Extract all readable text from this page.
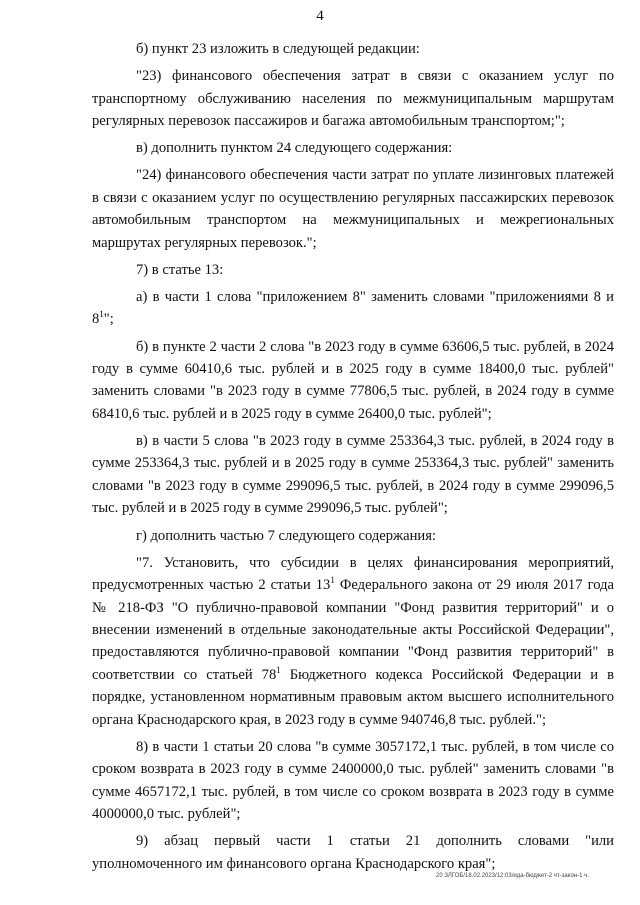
4

б) пункт 23 изложить в следующей редакции:

"23) финансового обеспечения затрат в связи с оказанием услуг по транспортному обслуживанию населения по межмуниципальным маршрутам регулярных перевозок пассажиров и багажа автомобильным транспортом;";

в) дополнить пунктом 24 следующего содержания:

"24) финансового обеспечения части затрат по уплате лизинговых платежей в связи с оказанием услуг по осуществлению регулярных пассажирских перевозок автомобильным транспортом на межмуниципальных и межрегиональных маршрутах регулярных перевозок.";

7) в статье 13:

а) в части 1 слова "приложением 8" заменить словами "приложениями 8 и $8^1$";

б) в пункте 2 части 2 слова "в 2023 году в сумме 63606,5 тыс. рублей, в 2024 году в сумме 60410,6 тыс. рублей и в 2025 году в сумме 18400,0 тыс. рублей" заменить словами "в 2023 году в сумме 77806,5 тыс. рублей, в 2024 году в сумме 68410,6 тыс. рублей и в 2025 году в сумме 26400,0 тыс. рублей";

в) в части 5 слова "в 2023 году в сумме 253364,3 тыс. рублей, в 2024 году в сумме 253364,3 тыс. рублей и в 2025 году в сумме 253364,3 тыс. рублей" заменить словами "в 2023 году в сумме 299096,5 тыс. рублей, в 2024 году в сумме 299096,5 тыс. рублей и в 2025 году в сумме 299096,5 тыс. рублей";

г) дополнить частью 7 следующего содержания:

"7. Установить, что субсидии в целях финансирования мероприятий, предусмотренных частью 2 статьи $13^1$ Федерального закона от 29 июля 2017 года № 218-ФЗ "О публично-правовой компании "Фонд развития территорий" и о внесении изменений в отдельные законодательные акты Российской Федерации", предоставляются публично-правовой компании "Фонд развития территорий" в соответствии со статьей $78^1$ Бюджетного кодекса Российской Федерации и в порядке, установленном нормативным правовым актом высшего исполнительного органа Краснодарского края, в 2023 году в сумме 940746,8 тыс. рублей.";

8) в части 1 статьи 20 слова "в сумме 3057172,1 тыс. рублей, в том числе со сроком возврата в 2023 году в сумме 2400000,0 тыс. рублей" заменить словами "в сумме 4657172,1 тыс. рублей, в том числе со сроком возврата в 2023 году в сумме 4000000,0 тыс. рублей";

9) абзац первый части 1 статьи 21 дополнить словами "или уполномоченного им финансового органа Краснодарского края";

20 ЗЛГОБ/18.02.2023/12:03/ида-бюджет-2 чт-закон-1 ч.
